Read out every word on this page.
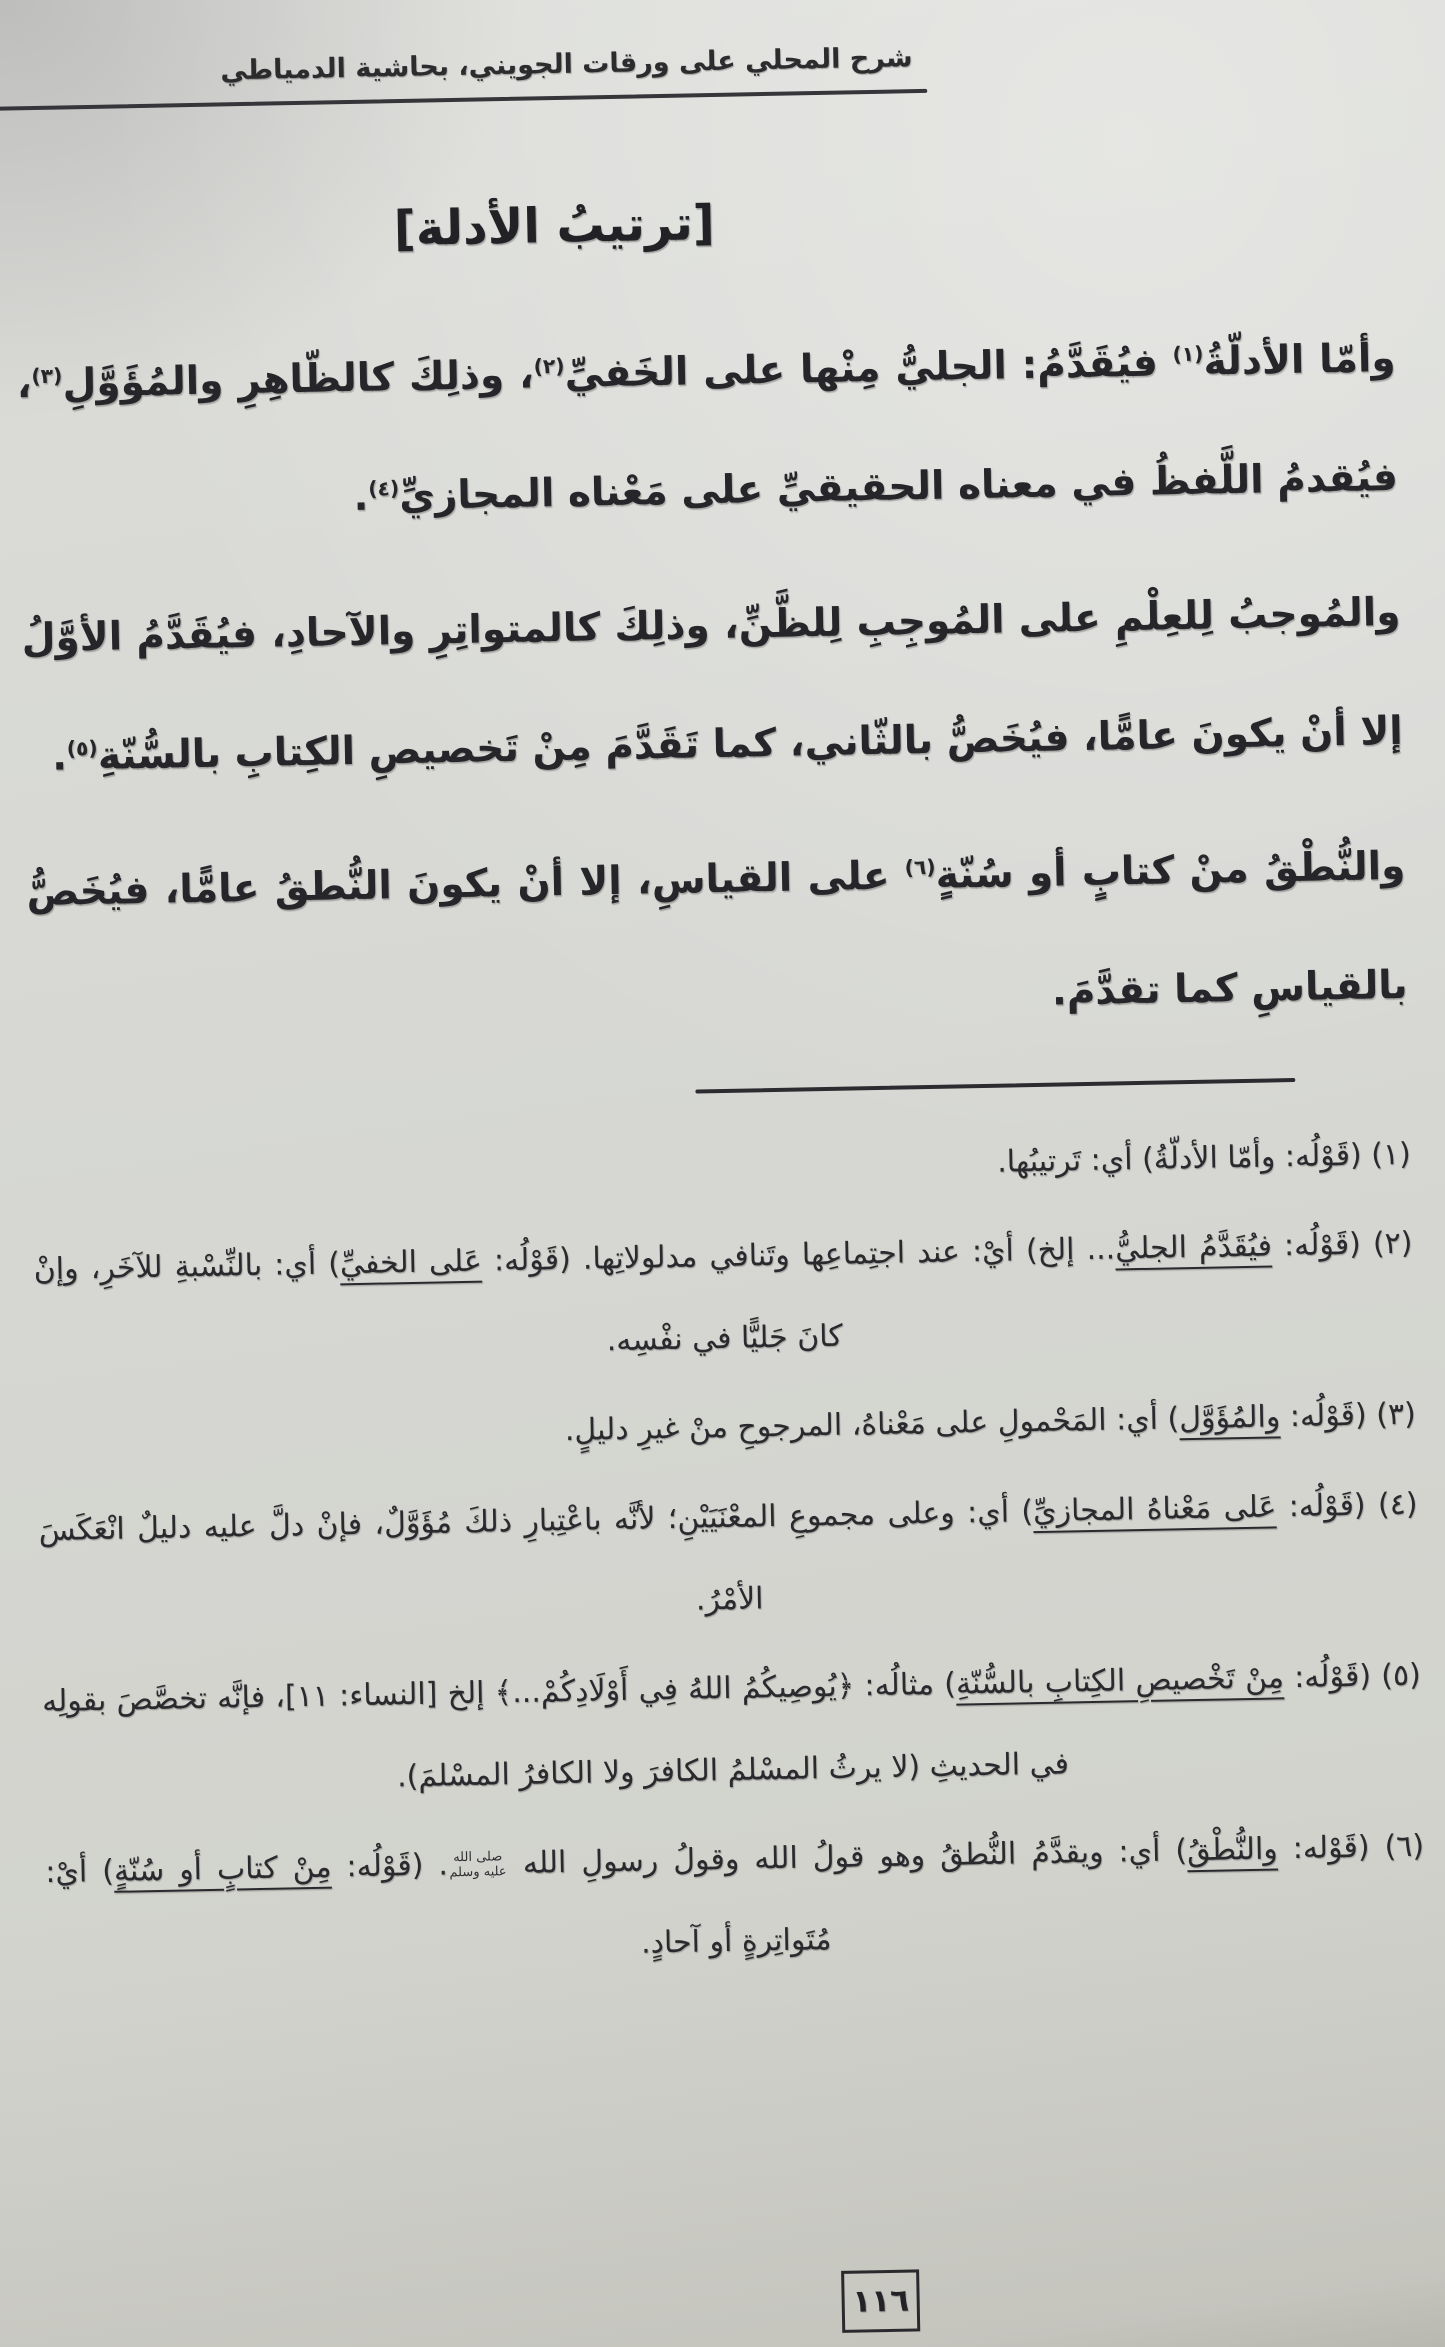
شرح المحلي على ورقات الجويني، بحاشية الدمياطي
[ترتيبُ الأدلة]

وأمّا الأدلّةُ$^{(١)}$ فيُقَدَّمُ: الجليُّ مِنْها على الخَفيِّ$^{(٢)}$، وذلِكَ كالظّاهِرِ والمُؤَوَّلِ$^{(٣)}$، فيُقدمُ اللَّفظُ في معناه الحقيقيِّ على مَعْناه المجازيِّ$^{(٤)}$.

والمُوجبُ لِلعِلْمِ على المُوجِبِ لِلظَّنِّ، وذلِكَ كالمتواتِرِ والآحادِ، فيُقَدَّمُ الأوَّلُ إلا أنْ يكونَ عامًّا، فيُخَصُّ بالثّاني، كما تَقَدَّمَ مِنْ تَخصيصِ الكِتابِ بالسُّنّةِ$^{(٥)}$.

والنُّطْقُ منْ كتابٍ أو سُنّةٍ$^{(٦)}$ على القياسِ، إلا أنْ يكونَ النُّطقُ عامًّا، فيُخَصُّ بالقياسِ كما تقدَّمَ.

(١) (قَوْلُه: وأمّا الأدلّةُ) أي: تَرتيبُها.
(٢) (قَوْلُه: فيُقَدَّمُ الجليُّ... إلخ) أيْ: عند اجتِماعِها وتَنافي مدلولاتِها. (قَوْلُه: عَلى الخفيِّ) أي: بالنِّسْبةِ للآخَرِ، وإنْ كانَ جَليًّا في نفْسِه.
(٣) (قَوْلُه: والمُؤَوَّل) أي: المَحْمولِ على مَعْناهُ، المرجوحِ منْ غيرِ دليلٍ.
(٤) (قَوْلُه: عَلى مَعْناهُ المجازيِّ) أي: وعلى مجموعِ المعْنَيَيْنِ؛ لأنَّه باعْتِبارِ ذلكَ مُؤَوَّلٌ، فإنْ دلَّ عليه دليلٌ انْعَكَسَ الأمْرُ.
(٥) (قَوْلُه: مِنْ تَخْصيصِ الكِتابِ بالسُّنّةِ) مثالُه: ﴿يُوصِيكُمُ اللهُ فِي أَوْلَادِكُمْ...﴾ إلخ [النساء: ١١]، فإنَّه تخصَّصَ بقولِه في الحديثِ (لا يرثُ المسْلمُ الكافرَ ولا الكافرُ المسْلمَ).
(٦) (قَوْله: والنُّطْقُ) أي: ويقدَّمُ النُّطقُ وهو قولُ الله وقولُ رسولِ الله صلى الله عليه وسلم. (قَوْلُه: مِنْ كتابٍ أو سُنّةٍ) أيْ: مُتَواتِرةٍ أو آحادٍ.
١١٦
